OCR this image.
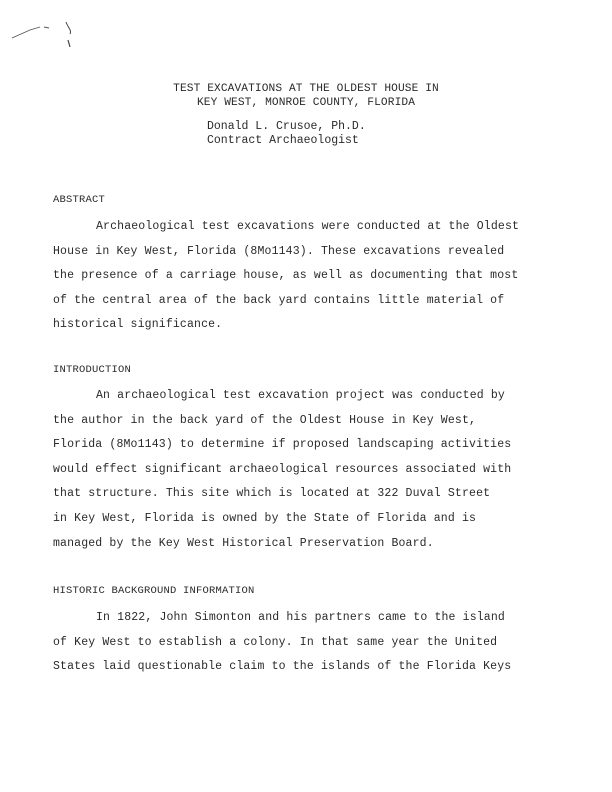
TEST EXCAVATIONS AT THE OLDEST HOUSE IN
KEY WEST, MONROE COUNTY, FLORIDA
Donald L. Crusoe, Ph.D.
Contract Archaeologist
ABSTRACT
Archaeological test excavations were conducted at the Oldest
House in Key West, Florida (8Mo1143). These excavations revealed
the presence of a carriage house, as well as documenting that most
of the central area of the back yard contains little material of
historical significance.
INTRODUCTION
An archaeological test excavation project was conducted by
the author in the back yard of the Oldest House in Key West,
Florida (8Mo1143) to determine if proposed landscaping activities
would effect significant archaeological resources associated with
that structure. This site which is located at 322 Duval Street
in Key West, Florida is owned by the State of Florida and is
managed by the Key West Historical Preservation Board.
HISTORIC BACKGROUND INFORMATION
In 1822, John Simonton and his partners came to the island
of Key West to establish a colony. In that same year the United
States laid questionable claim to the islands of the Florida Keys
